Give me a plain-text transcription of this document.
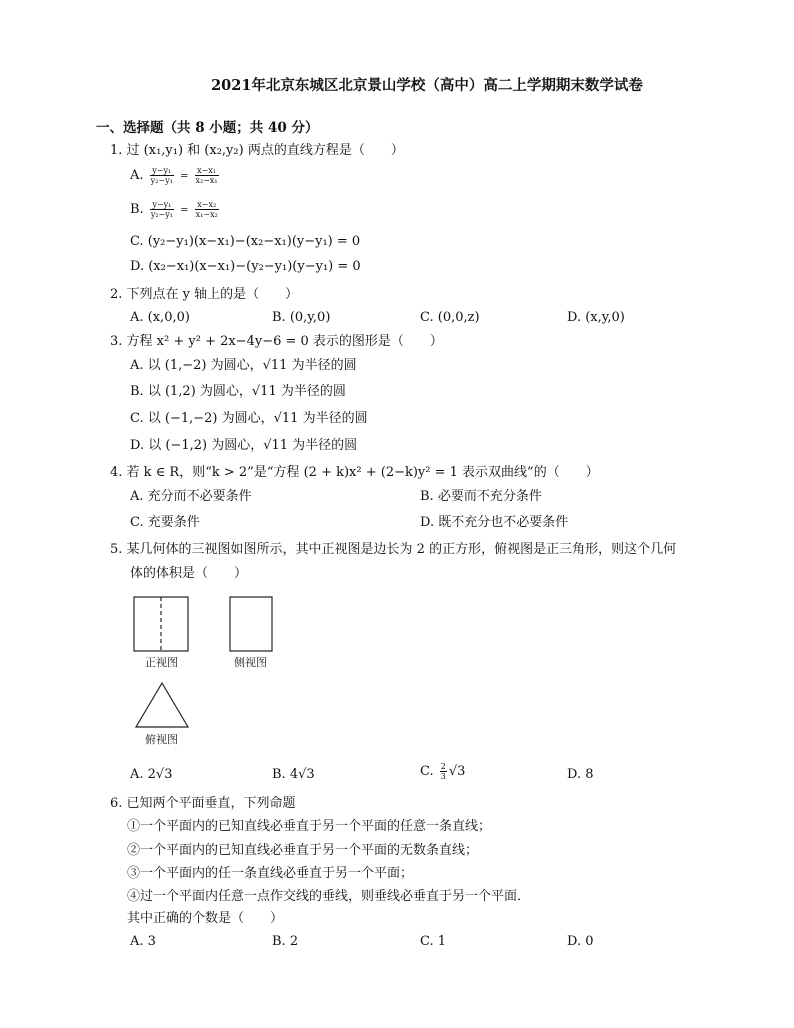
2021年北京东城区北京景山学校（高中）高二上学期期末数学试卷
一、选择题（共 8 小题；共 40 分）
1. 过 (x₁,y₁) 和 (x₂,y₂) 两点的直线方程是（　　）
A. $\frac{\text{y−y₁}}{\text{y₂−y₁}} = \frac{\text{x−x₁}}{\text{x₂−x₁}}$
B. $\frac{\text{y−y₁}}{\text{y₂−y₁}} = \frac{\text{x−x₂}}{\text{x₁−x₂}}$
C. (y₂−y₁)(x−x₁)−(x₂−x₁)(y−y₁) = 0
D. (x₂−x₁)(x−x₁)−(y₂−y₁)(y−y₁) = 0
2. 下列点在 y 轴上的是（　　）
A. (x,0,0)	B. (0,y,0)	C. (0,0,z)	D. (x,y,0)
3. 方程 x² + y² + 2x−4y−6 = 0 表示的图形是（　　）
A. 以 (1,−2) 为圆心，√11 为半径的圆
B. 以 (1,2) 为圆心，√11 为半径的圆
C. 以 (−1,−2) 为圆心，√11 为半径的圆
D. 以 (−1,2) 为圆心，√11 为半径的圆
4. 若 k ∈ R，则“k > 2”是“方程 (2 + k)x² + (2−k)y² = 1 表示双曲线”的（　　）
A. 充分而不必要条件	B. 必要而不充分条件
C. 充要条件	D. 既不充分也不必要条件
5. 某几何体的三视图如图所示，其中正视图是边长为 2 的正方形，俯视图是正三角形，则这个几何
体的体积是（　　）
正视图	侧视图
俯视图
A. 2√3	B. 4√3	C. $\frac{2}{3} √3$	D. 8
6. 已知两个平面垂直，下列命题
①一个平面内的已知直线必垂直于另一个平面的任意一条直线；
②一个平面内的已知直线必垂直于另一个平面的无数条直线；
③一个平面内的任一条直线必垂直于另一个平面；
④过一个平面内任意一点作交线的垂线，则垂线必垂直于另一个平面．
其中正确的个数是（　　）
A. 3	B. 2	C. 1	D. 0
